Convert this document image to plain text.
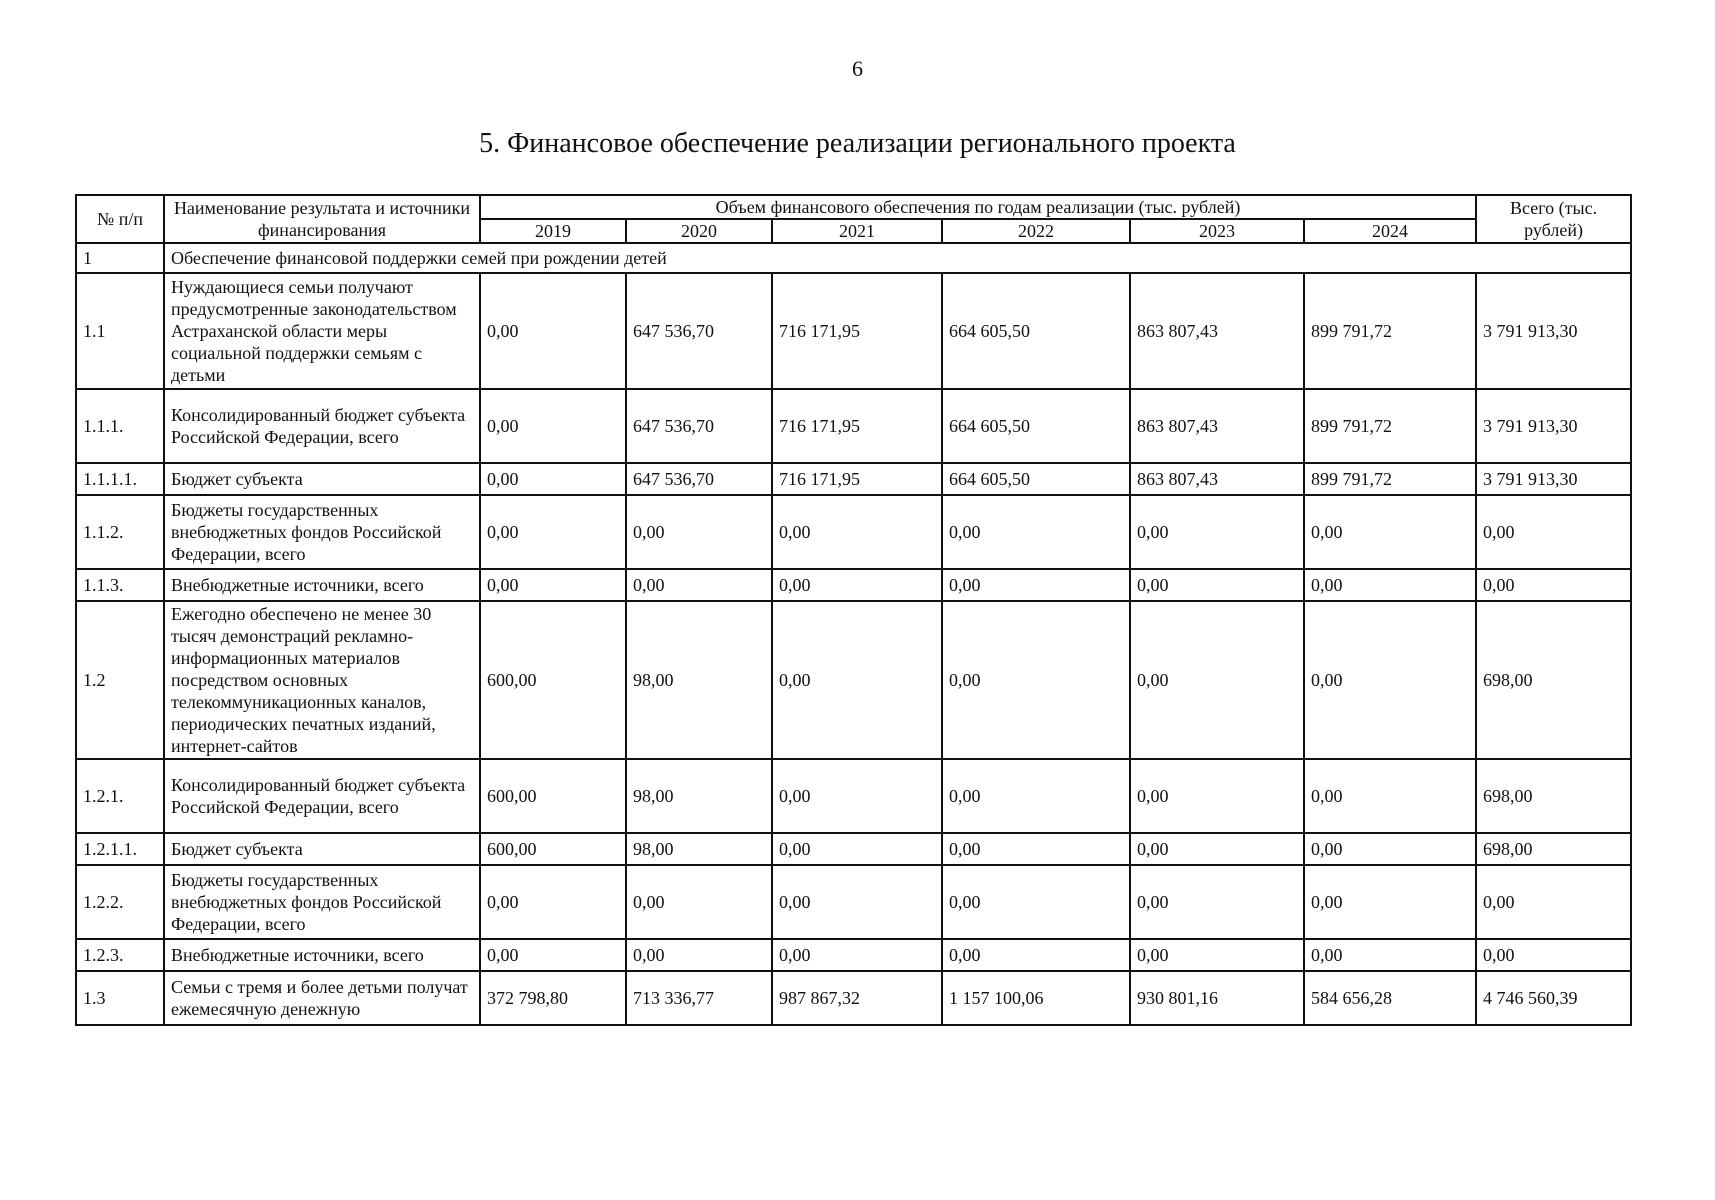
6
5. Финансовое обеспечение реализации регионального проекта
№ п/п	Наименование результата и источники финансирования	Объем финансового обеспечения по годам реализации (тыс. рублей)						Всего (тыс. рублей)
		2019	2020	2021	2022	2023	2024	
1	Обеспечение финансовой поддержки семей при рождении детей							
1.1	Нуждающиеся семьи получают предусмотренные законодательством Астраханской области меры социальной поддержки семьям с детьми	0,00	647 536,70	716 171,95	664 605,50	863 807,43	899 791,72	3 791 913,30
1.1.1.	Консолидированный бюджет субъекта Российской Федерации, всего	0,00	647 536,70	716 171,95	664 605,50	863 807,43	899 791,72	3 791 913,30
1.1.1.1.	Бюджет субъекта	0,00	647 536,70	716 171,95	664 605,50	863 807,43	899 791,72	3 791 913,30
1.1.2.	Бюджеты государственных внебюджетных фондов Российской Федерации, всего	0,00	0,00	0,00	0,00	0,00	0,00	0,00
1.1.3.	Внебюджетные источники, всего	0,00	0,00	0,00	0,00	0,00	0,00	0,00
1.2	Ежегодно обеспечено не менее 30 тысяч демонстраций рекламно-информационных материалов посредством основных телекоммуникационных каналов, периодических печатных изданий, интернет-сайтов	600,00	98,00	0,00	0,00	0,00	0,00	698,00
1.2.1.	Консолидированный бюджет субъекта Российской Федерации, всего	600,00	98,00	0,00	0,00	0,00	0,00	698,00
1.2.1.1.	Бюджет субъекта	600,00	98,00	0,00	0,00	0,00	0,00	698,00
1.2.2.	Бюджеты государственных внебюджетных фондов Российской Федерации, всего	0,00	0,00	0,00	0,00	0,00	0,00	0,00
1.2.3.	Внебюджетные источники, всего	0,00	0,00	0,00	0,00	0,00	0,00	0,00
1.3	Семьи с тремя и более детьми получат ежемесячную денежную	372 798,80	713 336,77	987 867,32	1 157 100,06	930 801,16	584 656,28	4 746 560,39
